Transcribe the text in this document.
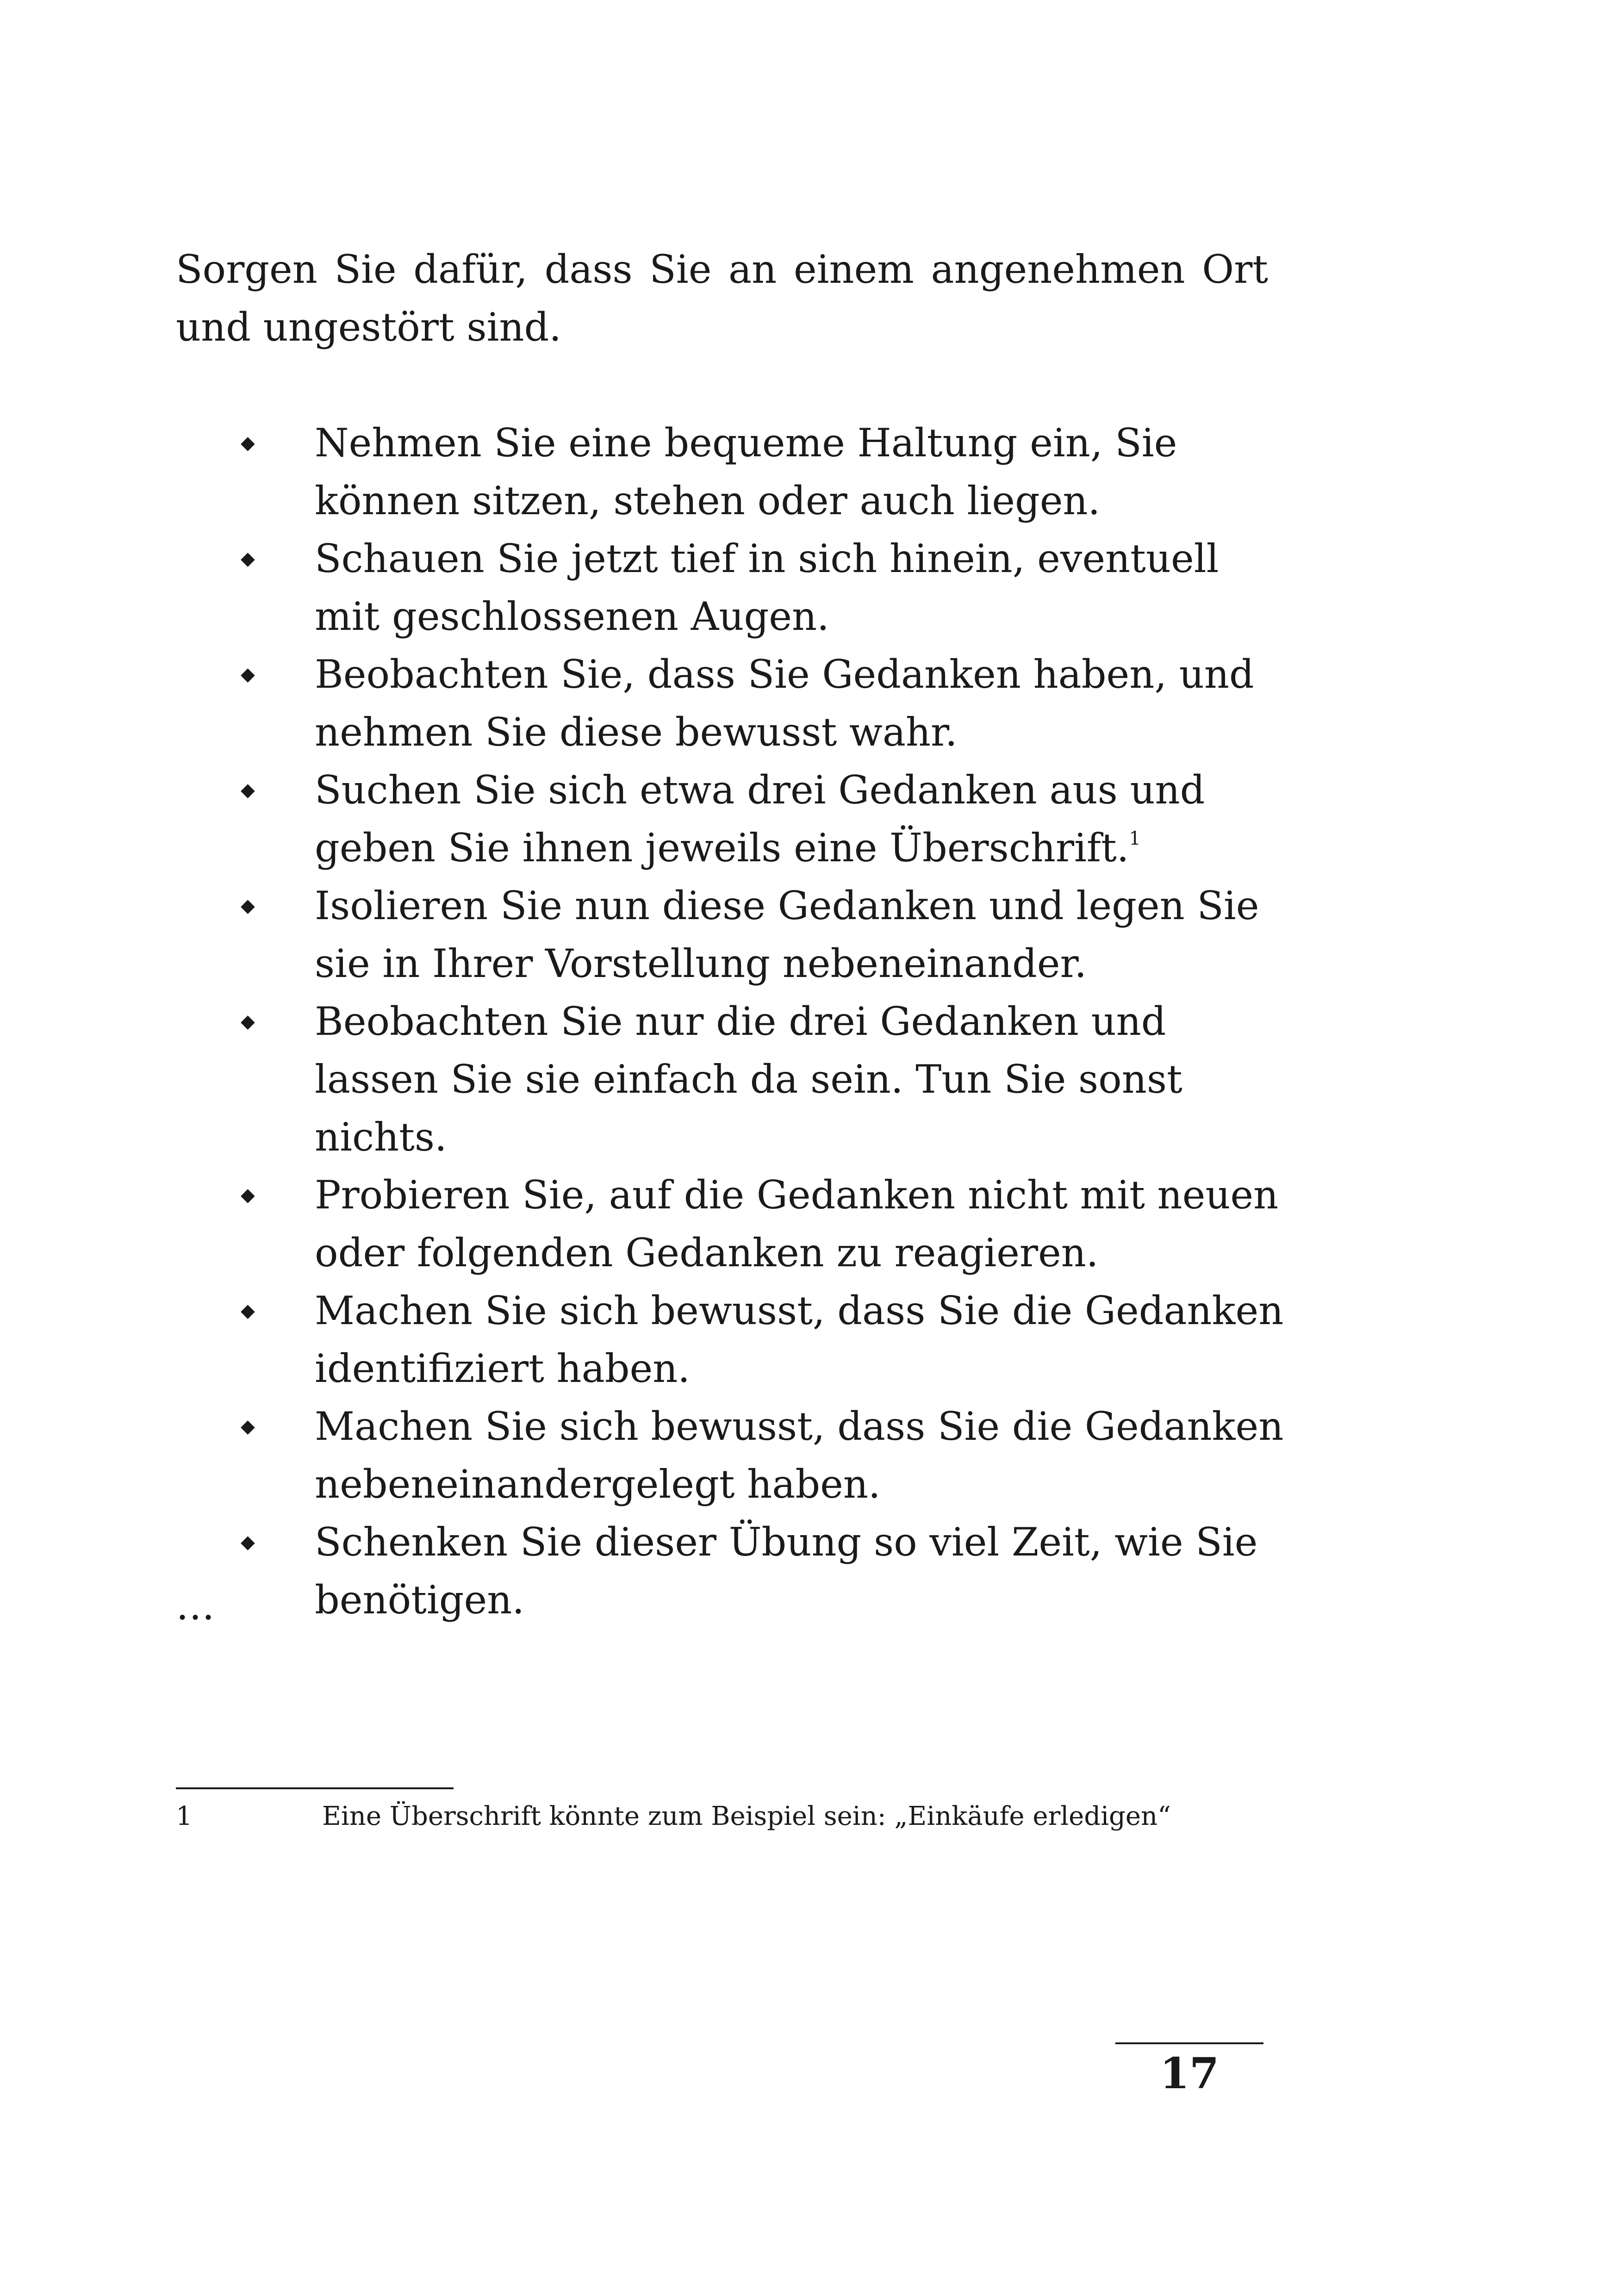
Sorgen Sie dafür, dass Sie an einem angenehmen Ort und ungestört sind.

◆	Nehmen Sie eine bequeme Haltung ein, Sie können sitzen, stehen oder auch liegen.
◆	Schauen Sie jetzt tief in sich hinein, eventuell mit geschlossenen Augen.
◆	Beobachten Sie, dass Sie Gedanken haben, und nehmen Sie diese bewusst wahr.
◆	Suchen Sie sich etwa drei Gedanken aus und geben Sie ihnen jeweils eine Überschrift.$^1$
◆	Isolieren Sie nun diese Gedanken und legen Sie sie in Ihrer Vorstellung nebeneinander.
◆	Beobachten Sie nur die drei Gedanken und lassen Sie sie einfach da sein. Tun Sie sonst nichts.
◆	Probieren Sie, auf die Gedanken nicht mit neuen oder folgenden Gedanken zu reagieren.
◆	Machen Sie sich bewusst, dass Sie die Gedanken identifiziert haben.
◆	Machen Sie sich bewusst, dass Sie die Gedanken nebeneinandergelegt haben.
◆	Schenken Sie dieser Übung so viel Zeit, wie Sie benötigen.

…

1	Eine Überschrift könnte zum Beispiel sein: „Einkäufe erledigen“
17
